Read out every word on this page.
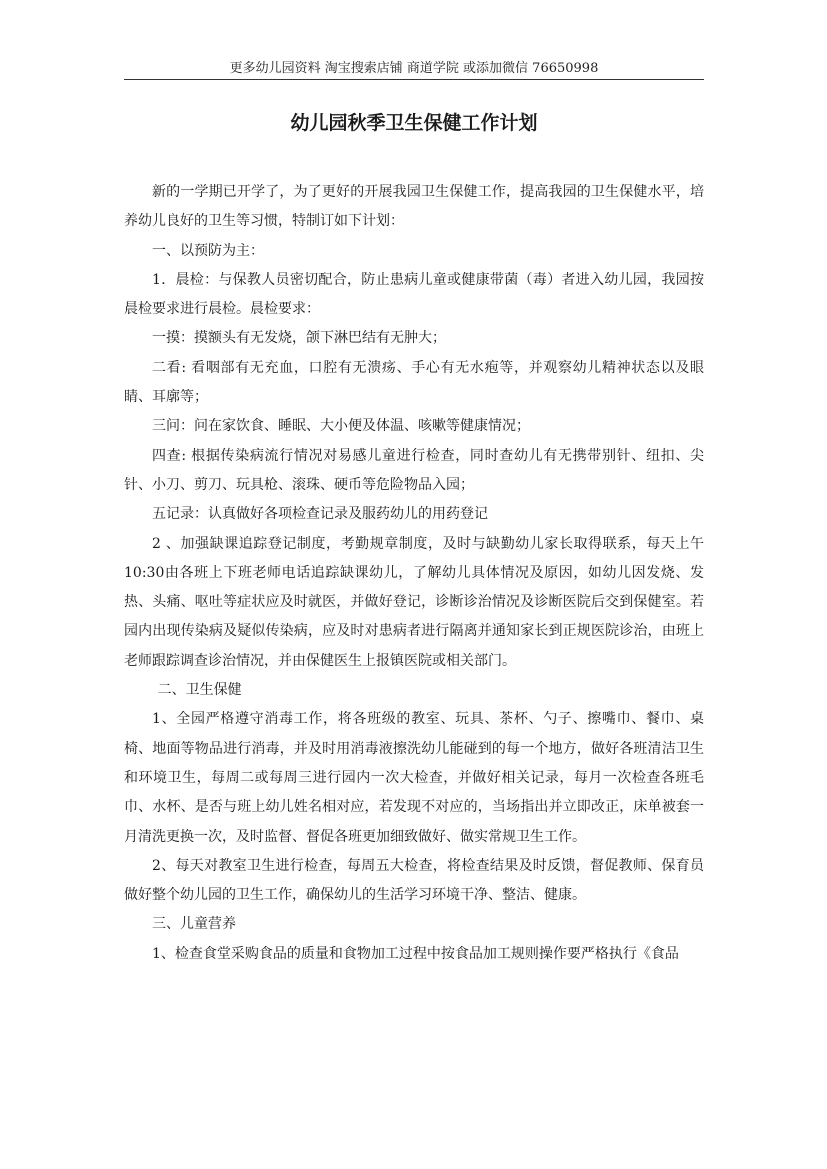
更多幼儿园资料 淘宝搜索店铺 商道学院 或添加微信 76650998
幼儿园秋季卫生保健工作计划

新的一学期已开学了，为了更好的开展我园卫生保健工作，提高我园的卫生保健水平，培养幼儿良好的卫生等习惯，特制订如下计划：

一、以预防为主：

1．晨检：与保教人员密切配合，防止患病儿童或健康带菌（毒）者进入幼儿园，我园按晨检要求进行晨检。晨检要求：

一摸：摸额头有无发烧，颌下淋巴结有无肿大；

二看: 看咽部有无充血，口腔有无溃疡、手心有无水疱等，并观察幼儿精神状态以及眼睛、耳廓等；

三问：问在家饮食、睡眠、大小便及体温、咳嗽等健康情况；

四查: 根据传染病流行情况对易感儿童进行检查，同时查幼儿有无携带别针、纽扣、尖针、小刀、剪刀、玩具枪、滚珠、硬币等危险物品入园；

五记录：认真做好各项检查记录及服药幼儿的用药登记

2 、加强缺课追踪登记制度，考勤规章制度，及时与缺勤幼儿家长取得联系，每天上午10:30由各班上下班老师电话追踪缺课幼儿，了解幼儿具体情况及原因，如幼儿因发烧、发热、头痛、呕吐等症状应及时就医，并做好登记，诊断诊治情况及诊断医院后交到保健室。若园内出现传染病及疑似传染病，应及时对患病者进行隔离并通知家长到正规医院诊治，由班上老师跟踪调查诊治情况，并由保健医生上报镇医院或相关部门。

二、卫生保健

1、全园严格遵守消毒工作，将各班级的教室、玩具、茶杯、勺子、擦嘴巾、餐巾、桌椅、地面等物品进行消毒，并及时用消毒液擦洗幼儿能碰到的每一个地方，做好各班清洁卫生和环境卫生，每周二或每周三进行园内一次大检查，并做好相关记录，每月一次检查各班毛巾、水杯、是否与班上幼儿姓名相对应，若发现不对应的，当场指出并立即改正，床单被套一月清洗更换一次，及时监督、督促各班更加细致做好、做实常规卫生工作。

2、每天对教室卫生进行检查，每周五大检查，将检查结果及时反馈，督促教师、保育员做好整个幼儿园的卫生工作，确保幼儿的生活学习环境干净、整洁、健康。

三、儿童营养

1、检查食堂采购食品的质量和食物加工过程中按食品加工规则操作要严格执行《食品
